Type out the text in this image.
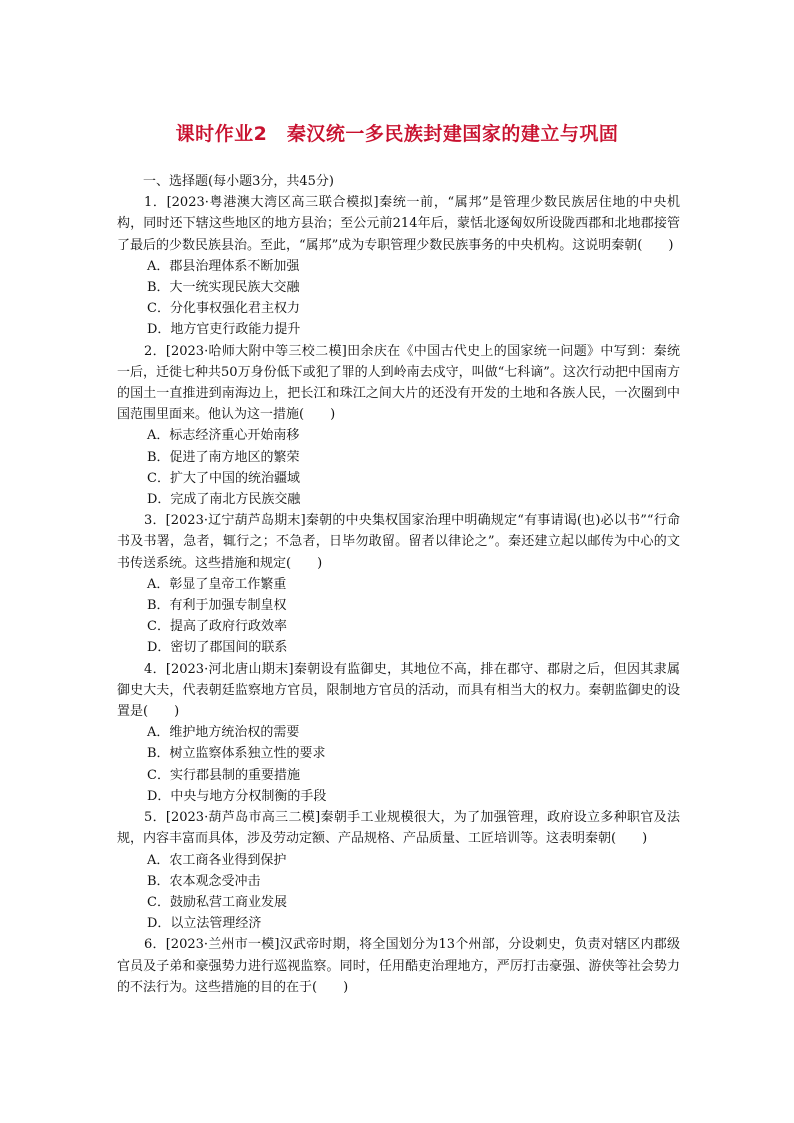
课时作业2　秦汉统一多民族封建国家的建立与巩固

一、选择题(每小题3分，共45分)

1．[2023·粤港澳大湾区高三联合模拟]秦统一前，“属邦”是管理少数民族居住地的中央机构，同时还下辖这些地区的地方县治；至公元前214年后，蒙恬北逐匈奴所设陇西郡和北地郡接管了最后的少数民族县治。至此，“属邦”成为专职管理少数民族事务的中央机构。这说明秦朝(　　)

A．郡县治理体系不断加强

B．大一统实现民族大交融

C．分化事权强化君主权力

D．地方官吏行政能力提升

2．[2023·哈师大附中等三校二模]田余庆在《中国古代史上的国家统一问题》中写到：秦统一后，迁徙七种共50万身份低下或犯了罪的人到岭南去戍守，叫做“七科谪”。这次行动把中国南方的国土一直推进到南海边上，把长江和珠江之间大片的还没有开发的土地和各族人民，一次圈到中国范围里面来。他认为这一措施(　　)

A．标志经济重心开始南移

B．促进了南方地区的繁荣

C．扩大了中国的统治疆域

D．完成了南北方民族交融

3．[2023·辽宁葫芦岛期末]秦朝的中央集权国家治理中明确规定“有事请谒(也)必以书”“行命书及书署，急者，辄行之；不急者，日毕勿敢留。留者以律论之”。秦还建立起以邮传为中心的文书传送系统。这些措施和规定(　　)

A．彰显了皇帝工作繁重

B．有利于加强专制皇权

C．提高了政府行政效率

D．密切了郡国间的联系

4．[2023·河北唐山期末]秦朝设有监御史，其地位不高，排在郡守、郡尉之后，但因其隶属御史大夫，代表朝廷监察地方官员，限制地方官员的活动，而具有相当大的权力。秦朝监御史的设置是(　　)

A．维护地方统治权的需要

B．树立监察体系独立性的要求

C．实行郡县制的重要措施

D．中央与地方分权制衡的手段

5．[2023·葫芦岛市高三二模]秦朝手工业规模很大，为了加强管理，政府设立多种职官及法规，内容丰富而具体，涉及劳动定额、产品规格、产品质量、工匠培训等。这表明秦朝(　　)

A．农工商各业得到保护

B．农本观念受冲击

C．鼓励私营工商业发展

D．以立法管理经济

6．[2023·兰州市一模]汉武帝时期，将全国划分为13个州部，分设刺史，负责对辖区内郡级官员及子弟和豪强势力进行巡视监察。同时，任用酷吏治理地方，严厉打击豪强、游侠等社会势力的不法行为。这些措施的目的在于(　　)
